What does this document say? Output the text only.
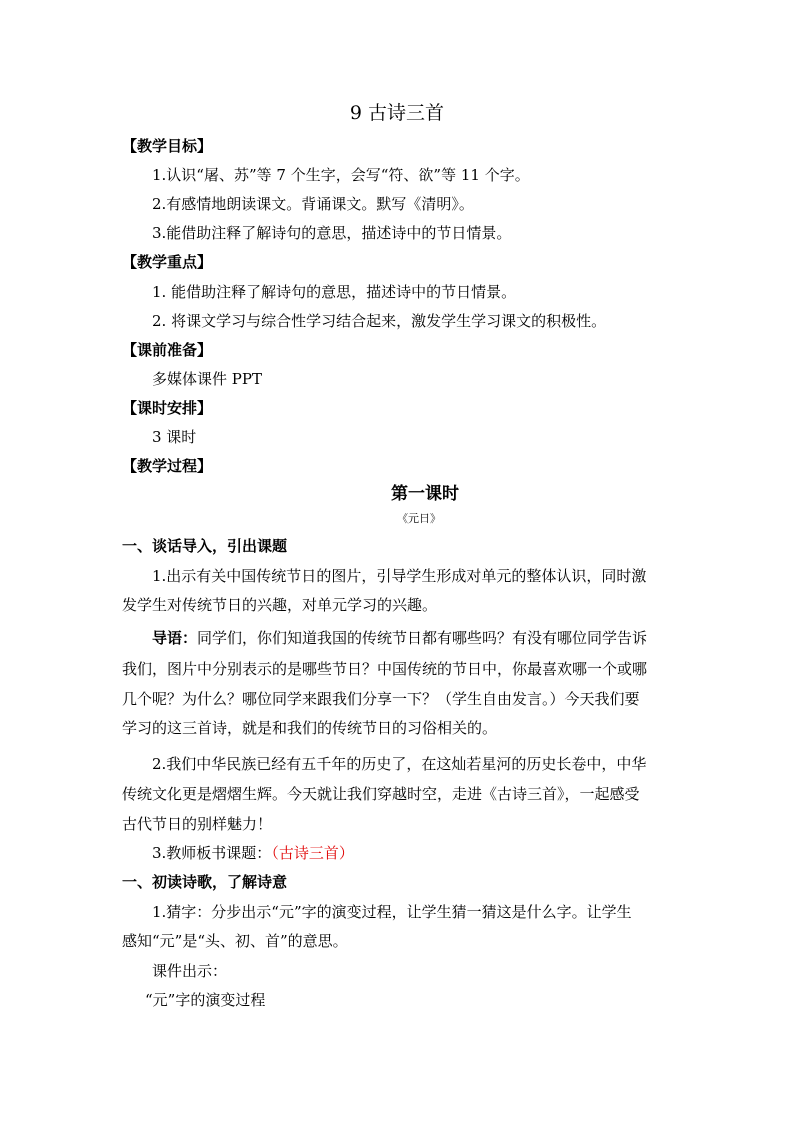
9 古诗三首
【教学目标】
1.认识“屠、苏”等 7 个生字，会写“符、欲”等 11 个字。
2.有感情地朗读课文。背诵课文。默写《清明》。
3.能借助注释了解诗句的意思，描述诗中的节日情景。
【教学重点】
1. 能借助注释了解诗句的意思，描述诗中的节日情景。
2. 将课文学习与综合性学习结合起来，激发学生学习课文的积极性。
【课前准备】
多媒体课件 PPT
【课时安排】
3 课时
【教学过程】
第一课时
《元日》
一、谈话导入，引出课题
1.出示有关中国传统节日的图片，引导学生形成对单元的整体认识，同时激
发学生对传统节日的兴趣，对单元学习的兴趣。
导语：同学们，你们知道我国的传统节日都有哪些吗？有没有哪位同学告诉
我们，图片中分别表示的是哪些节日？中国传统的节日中，你最喜欢哪一个或哪
几个呢？为什么？哪位同学来跟我们分享一下？（学生自由发言。）今天我们要
学习的这三首诗，就是和我们的传统节日的习俗相关的。
2.我们中华民族已经有五千年的历史了，在这灿若星河的历史长卷中，中华
传统文化更是熠熠生辉。今天就让我们穿越时空，走进《古诗三首》，一起感受
古代节日的别样魅力！
3.教师板书课题：（古诗三首）
一、初读诗歌，了解诗意
1.猜字：分步出示“元”字的演变过程，让学生猜一猜这是什么字。让学生
感知“元”是“头、初、首”的意思。
课件出示：
“元”字的演变过程
